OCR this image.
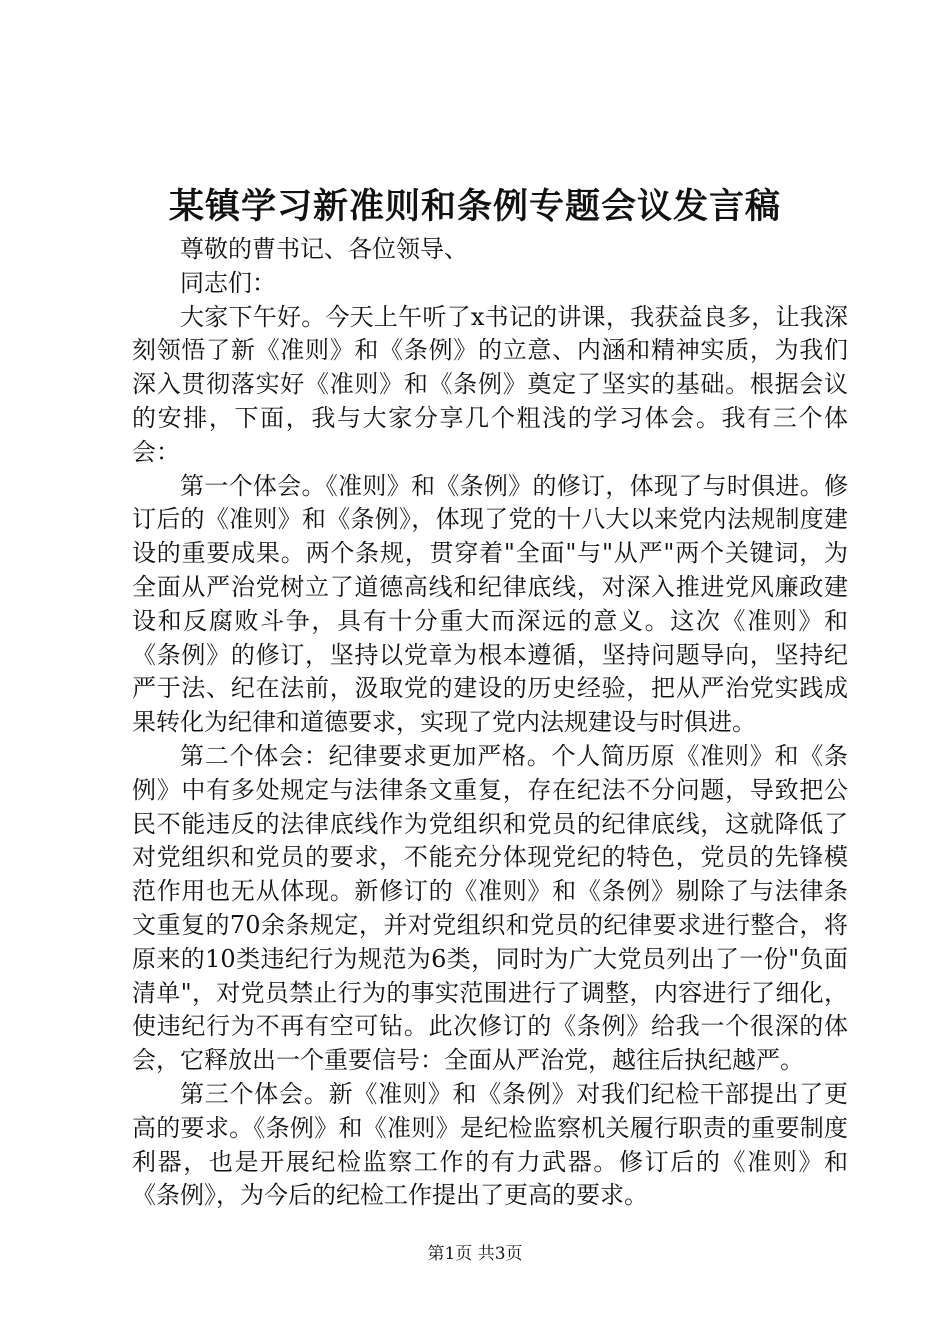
某镇学习新准则和条例专题会议发言稿

尊敬的曹书记、各位领导、

同志们：

大家下午好。今天上午听了x书记的讲课，我获益良多，让我深刻领悟了新《准则》和《条例》的立意、内涵和精神实质，为我们深入贯彻落实好《准则》和《条例》奠定了坚实的基础。根据会议的安排，下面，我与大家分享几个粗浅的学习体会。我有三个体会：

第一个体会。《准则》和《条例》的修订，体现了与时俱进。修订后的《准则》和《条例》，体现了党的十八大以来党内法规制度建设的重要成果。两个条规，贯穿着"全面"与"从严"两个关键词，为全面从严治党树立了道德高线和纪律底线，对深入推进党风廉政建设和反腐败斗争，具有十分重大而深远的意义。这次《准则》和《条例》的修订，坚持以党章为根本遵循，坚持问题导向，坚持纪严于法、纪在法前，汲取党的建设的历史经验，把从严治党实践成果转化为纪律和道德要求，实现了党内法规建设与时俱进。

第二个体会：纪律要求更加严格。个人简历原《准则》和《条例》中有多处规定与法律条文重复，存在纪法不分问题，导致把公民不能违反的法律底线作为党组织和党员的纪律底线，这就降低了对党组织和党员的要求，不能充分体现党纪的特色，党员的先锋模范作用也无从体现。新修订的《准则》和《条例》剔除了与法律条文重复的70余条规定，并对党组织和党员的纪律要求进行整合，将原来的10类违纪行为规范为6类，同时为广大党员列出了一份"负面清单"，对党员禁止行为的事实范围进行了调整，内容进行了细化，使违纪行为不再有空可钻。此次修订的《条例》给我一个很深的体会，它释放出一个重要信号：全面从严治党，越往后执纪越严。

第三个体会。新《准则》和《条例》对我们纪检干部提出了更高的要求。《条例》和《准则》是纪检监察机关履行职责的重要制度利器，也是开展纪检监察工作的有力武器。修订后的《准则》和《条例》，为今后的纪检工作提出了更高的要求。

第1页 共3页
